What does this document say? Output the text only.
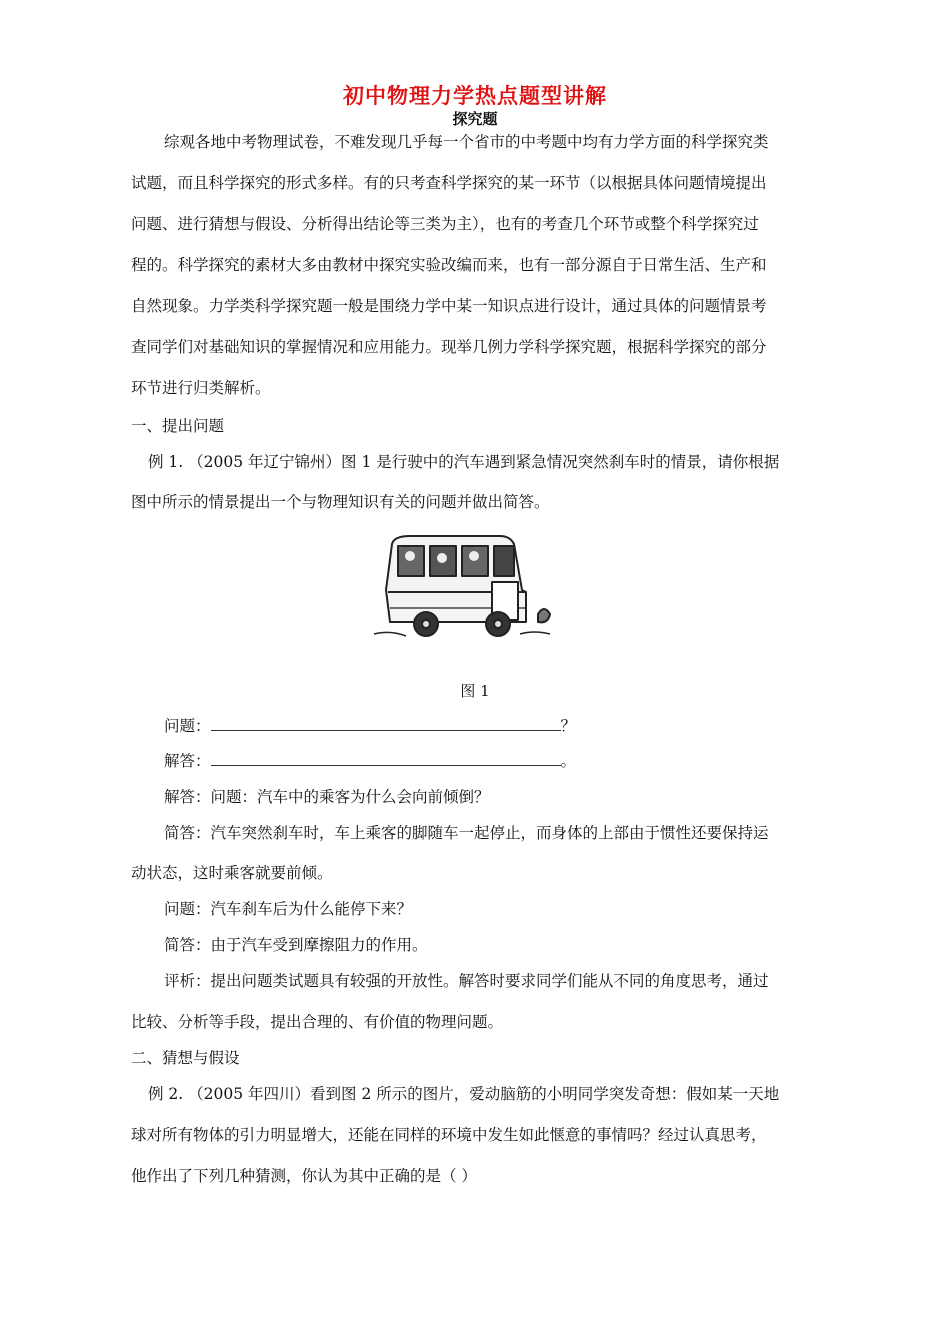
初中物理力学热点题型讲解
探究题
综观各地中考物理试卷，不难发现几乎每一个省市的中考题中均有力学方面的科学探究类
试题，而且科学探究的形式多样。有的只考查科学探究的某一环节（以根据具体问题情境提出
问题、进行猜想与假设、分析得出结论等三类为主），也有的考查几个环节或整个科学探究过
程的。科学探究的素材大多由教材中探究实验改编而来，也有一部分源自于日常生活、生产和
自然现象。力学类科学探究题一般是围绕力学中某一知识点进行设计，通过具体的问题情景考
查同学们对基础知识的掌握情况和应用能力。现举几例力学科学探究题，根据科学探究的部分
环节进行归类解析。
一、提出问题
例 1. （2005 年辽宁锦州）图 1 是行驶中的汽车遇到紧急情况突然刹车时的情景，请你根据
图中所示的情景提出一个与物理知识有关的问题并做出简答。
图 1
问题：	？
解答：	。
解答：问题：汽车中的乘客为什么会向前倾倒？
简答：汽车突然刹车时，车上乘客的脚随车一起停止，而身体的上部由于惯性还要保持运
动状态，这时乘客就要前倾。
问题：汽车刹车后为什么能停下来？
简答：由于汽车受到摩擦阻力的作用。
评析：提出问题类试题具有较强的开放性。解答时要求同学们能从不同的角度思考，通过
比较、分析等手段，提出合理的、有价值的物理问题。
二、猜想与假设
例 2. （2005 年四川）看到图 2 所示的图片，爱动脑筋的小明同学突发奇想：假如某一天地
球对所有物体的引力明显增大，还能在同样的环境中发生如此惬意的事情吗？经过认真思考，
他作出了下列几种猜测，你认为其中正确的是（ ）
